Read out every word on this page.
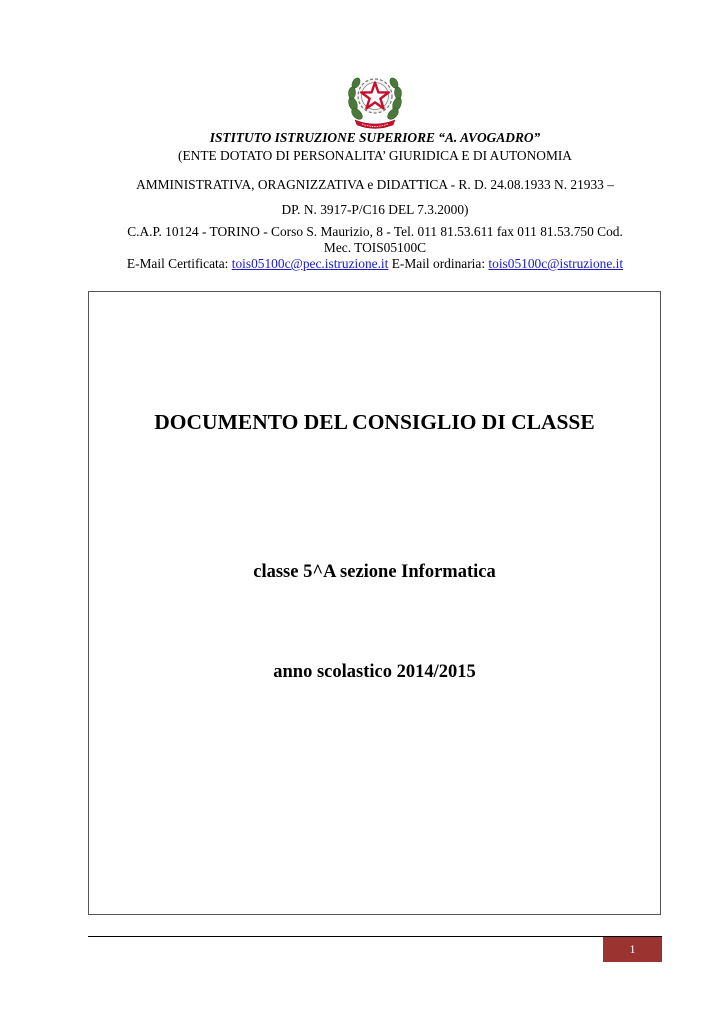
ISTITUTO ISTRUZIONE SUPERIORE “A. AVOGADRO”
(ENTE DOTATO DI PERSONALITA’ GIURIDICA E DI AUTONOMIA
AMMINISTRATIVA, ORAGNIZZATIVA e DIDATTICA - R. D. 24.08.1933 N. 21933 –
DP. N. 3917-P/C16 DEL 7.3.2000)
C.A.P. 10124 - TORINO - Corso S. Maurizio, 8 - Tel. 011 81.53.611 fax 011 81.53.750 Cod.
Mec. TOIS05100C
E-Mail Certificata: tois05100c@pec.istruzione.it E-Mail ordinaria: tois05100c@istruzione.it
DOCUMENTO DEL CONSIGLIO DI CLASSE
classe 5^A sezione Informatica
anno scolastico 2014/2015
1
